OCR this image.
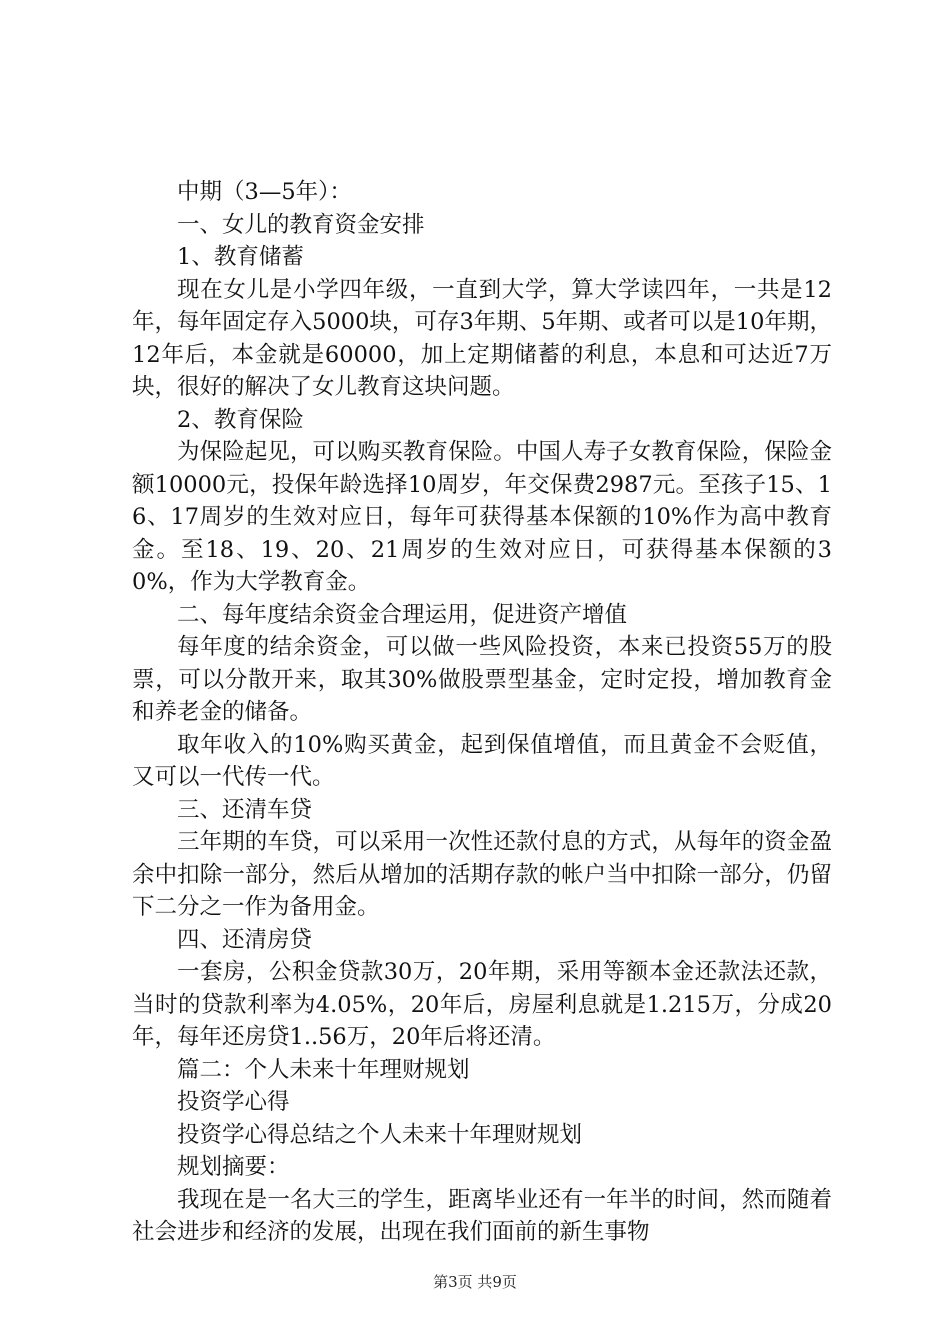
中期（3—5年）：

一、女儿的教育资金安排

1、教育储蓄

现在女儿是小学四年级，一直到大学，算大学读四年，一共是12年，每年固定存入5000块，可存3年期、5年期、或者可以是10年期，12年后，本金就是60000，加上定期储蓄的利息，本息和可达近7万块，很好的解决了女儿教育这块问题。

2、教育保险

为保险起见，可以购买教育保险。中国人寿子女教育保险，保险金额10000元，投保年龄选择10周岁，年交保费2987元。至孩子15、16、17周岁的生效对应日，每年可获得基本保额的10%作为高中教育金。至18、19、20、21周岁的生效对应日，可获得基本保额的30%，作为大学教育金。

二、每年度结余资金合理运用，促进资产增值

每年度的结余资金，可以做一些风险投资，本来已投资55万的股票，可以分散开来，取其30%做股票型基金，定时定投，增加教育金和养老金的储备。

取年收入的10%购买黄金，起到保值增值，而且黄金不会贬值，又可以一代传一代。

三、还清车贷

三年期的车贷，可以采用一次性还款付息的方式，从每年的资金盈余中扣除一部分，然后从增加的活期存款的帐户当中扣除一部分，仍留下二分之一作为备用金。

四、还清房贷

一套房，公积金贷款30万，20年期，采用等额本金还款法还款，当时的贷款利率为4.05%，20年后，房屋利息就是1.215万，分成20年，每年还房贷1..56万，20年后将还清。

篇二：个人未来十年理财规划

投资学心得

投资学心得总结之个人未来十年理财规划

规划摘要：

我现在是一名大三的学生，距离毕业还有一年半的时间，然而随着社会进步和经济的发展，出现在我们面前的新生事物

第3页 共9页
